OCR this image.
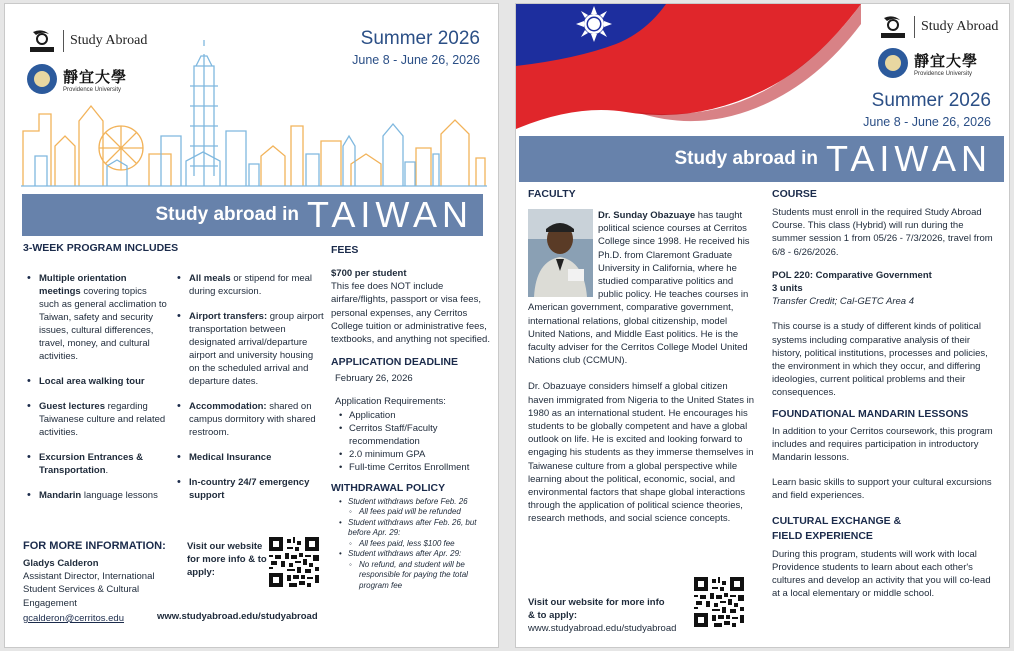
Study Abroad
靜宜大學
Providence University
Summer 2026
June 8 - June 26, 2026
Study abroad in TAIWAN
3-WEEK PROGRAM INCLUDES
• Multiple orientation meetings covering topics such as general acclimation to Taiwan, safety and security issues, cultural differences, travel, money, and cultural activities.
• Local area walking tour
• Guest lectures regarding Taiwanese culture and related activities.
• Excursion Entrances & Transportation.
• Mandarin language lessons
• All meals or stipend for meal during excursion.
• Airport transfers: group airport transportation between designated arrival/departure airport and university housing on the scheduled arrival and departure dates.
• Accommodation: shared on campus dormitory with shared restroom.
• Medical Insurance
• In-country 24/7 emergency support
FEES
$700 per student
This fee does NOT include airfare/flights, passport or visa fees, personal expenses, any Cerritos College tuition or administrative fees, textbooks, and anything not specified.
APPLICATION DEADLINE
February 26, 2026
Application Requirements:
• Application
• Cerritos Staff/Faculty recommendation
• 2.0 minimum GPA
• Full-time Cerritos Enrollment
WITHDRAWAL POLICY
• Student withdraws before Feb. 26
◦ All fees paid will be refunded
• Student withdraws after Feb. 26, but before Apr. 29:
◦ All fees paid, less $100 fee
• Student withdraws after Apr. 29:
◦ No refund, and student will be responsible for paying the total program fee
FOR MORE INFORMATION:
Gladys Calderon
Assistant Director, International Student Services & Cultural Engagement
gcalderon@cerritos.edu
Visit our website for more info & to apply:
www.studyabroad.edu/studyabroad
Study Abroad
靜宜大學
Providence University
Summer 2026
June 8 - June 26, 2026
Study abroad in TAIWAN
FACULTY
Dr. Sunday Obazuaye has taught political science courses at Cerritos College since 1998. He received his Ph.D. from Claremont Graduate University in California, where he studied comparative politics and public policy. He teaches courses in American government, comparative government, international relations, global citizenship, model United Nations, and Middle East politics. He is the faculty adviser for the Cerritos College Model United Nations club (CCMUN).
Dr. Obazuaye considers himself a global citizen haven immigrated from Nigeria to the United States in 1980 as an international student. He encourages his students to be globally competent and have a global outlook on life. He is excited and looking forward to engaging his students as they immerse themselves in Taiwanese culture from a global perspective while learning about the political, economic, social, and environmental factors that shape global interactions through the application of political science theories, research methods, and social science concepts.
Visit our website for more info & to apply:
www.studyabroad.edu/studyabroad
COURSE
Students must enroll in the required Study Abroad Course. This class (Hybrid) will run during the summer session 1 from 05/26 - 7/3/2026, travel from 6/8 - 6/26/2026.
POL 220: Comparative Government
3 units
Transfer Credit; Cal-GETC Area 4
This course is a study of different kinds of political systems including comparative analysis of their history, political institutions, processes and policies, the environment in which they occur, and differing ideologies, current political problems and their consequences.
FOUNDATIONAL MANDARIN LESSONS
In addition to your Cerritos coursework, this program includes and requires participation in introductory Mandarin lessons.
Learn basic skills to support your cultural excursions and field experiences.
CULTURAL EXCHANGE &
FIELD EXPERIENCE
During this program, students will work with local Providence students to learn about each other's cultures and develop an activity that you will co-lead at a local elementary or middle school.
